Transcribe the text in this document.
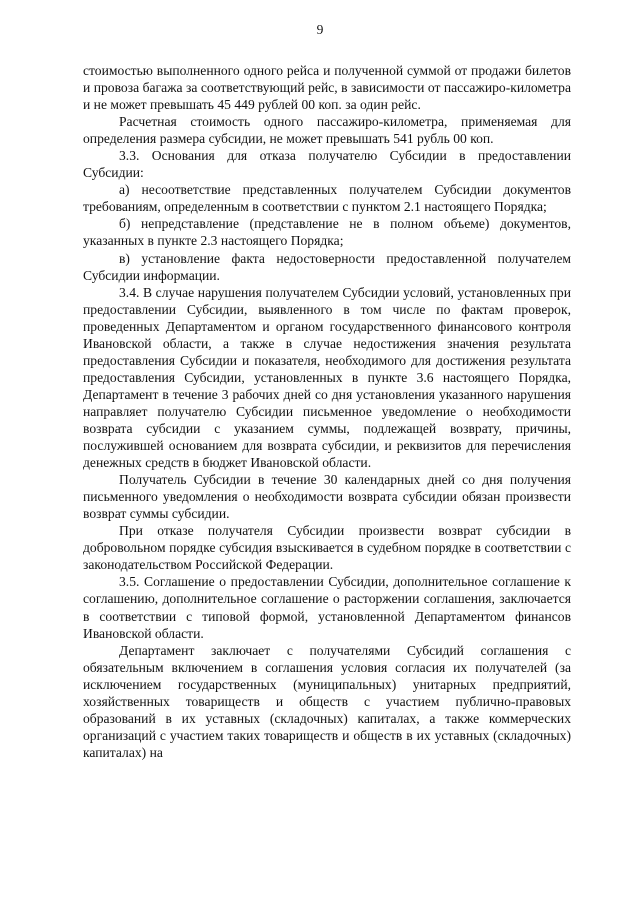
9

стоимостью выполненного одного рейса и полученной суммой от продажи билетов и провоза багажа за соответствующий рейс, в зависимости от пассажиро-километра и не может превышать 45 449 рублей 00 коп. за один рейс.

Расчетная стоимость одного пассажиро-километра, применяемая для определения размера субсидии, не может превышать 541 рубль 00 коп.

3.3. Основания для отказа получателю Субсидии в предоставлении Субсидии:

а) несоответствие представленных получателем Субсидии документов требованиям, определенным в соответствии с пунктом 2.1 настоящего Порядка;

б) непредставление (представление не в полном объеме) документов, указанных в пункте 2.3 настоящего Порядка;

в) установление факта недостоверности предоставленной получателем Субсидии информации.

3.4. В случае нарушения получателем Субсидии условий, установленных при предоставлении Субсидии, выявленного в том числе по фактам проверок, проведенных Департаментом и органом государственного финансового контроля Ивановской области, а также в случае недостижения значения результата предоставления Субсидии и показателя, необходимого для достижения результата предоставления Субсидии, установленных в пункте 3.6 настоящего Порядка, Департамент в течение 3 рабочих дней со дня установления указанного нарушения направляет получателю Субсидии письменное уведомление о необходимости возврата субсидии с указанием суммы, подлежащей возврату, причины, послужившей основанием для возврата субсидии, и реквизитов для перечисления денежных средств в бюджет Ивановской области.

Получатель Субсидии в течение 30 календарных дней со дня получения письменного уведомления о необходимости возврата субсидии обязан произвести возврат суммы субсидии.

При отказе получателя Субсидии произвести возврат субсидии в добровольном порядке субсидия взыскивается в судебном порядке в соответствии с законодательством Российской Федерации.

3.5. Соглашение о предоставлении Субсидии, дополнительное соглашение к соглашению, дополнительное соглашение о расторжении соглашения, заключается в соответствии с типовой формой, установленной Департаментом финансов Ивановской области.

Департамент заключает с получателями Субсидий соглашения с обязательным включением в соглашения условия согласия их получателей (за исключением государственных (муниципальных) унитарных предприятий, хозяйственных товариществ и обществ с участием публично-правовых образований в их уставных (складочных) капиталах, а также коммерческих организаций с участием таких товариществ и обществ в их уставных (складочных) капиталах) на
